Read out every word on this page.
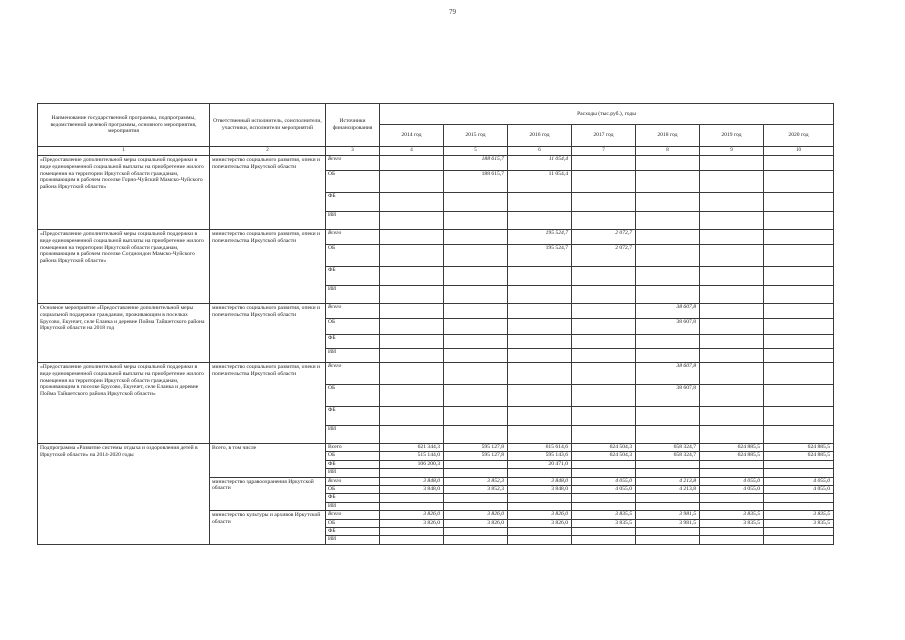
79
Наименование государственной программы, подпрограммы, ведомственной целевой программы, основного мероприятия, мероприятия	Ответственный исполнитель, соисполнители, участники, исполнители мероприятий	Источники финансирования	Расходы (тыс.руб.), годы						
			2014 год	2015 год	2016 год	2017 год	2018 год	2019 год	2020 год
1	2	3	4	5	6	7	8	9	10
«Предоставление дополнительной меры социальной поддержки в виде единовременной социальной выплаты на приобретение жилого помещения на территории Иркутской области гражданам, проживающим в рабочем поселке Горно-Чуйский Мамско-Чуйского района Иркутской области»	министерство социального развития, опеки и попечительства Иркутской области	Всего		188 615,7	11 054,4				
		ОБ		188 615,7	11 054,4				
		ФБ							
		ИИ							
«Предоставление дополнительной меры социальной поддержки в виде единовременной социальной выплаты на приобретение жилого помещения на территории Иркутской области гражданам, проживающим в рабочем поселке Согдиондон Мамско-Чуйского района Иркутской области»	министерство социального развития, опеки и попечительства Иркутской области	Всего			195 524,7	2 072,7			
		ОБ			195 524,7	2 072,7			
		ФБ							
		ИИ							
Основное мероприятие «Предоставление дополнительной меры социальной поддержки гражданам, проживающим в поселках Брусово, Екунчет, селе Еланка и деревне Пойма Тайшетского района Иркутской области на 2018 год	министерство социального развития, опеки и попечительства Иркутской области	Всего					38 607,8		
		ОБ					38 607,8		
		ФБ							
		ИИ							
«Предоставление дополнительной меры социальной поддержки в виде единовременной социальной выплаты на приобретение жилого помещения на территории Иркутской области гражданам, проживающим в поселке Брусово, Екунчет, селе Еланка и деревне Пойма Тайшетского района Иркутской области»	министерство социального развития, опеки и попечительства Иркутской области	Всего					38 607,8		
		ОБ					38 607,8		
		ФБ							
		ИИ							
Подпрограмма «Развитие системы отдыха и оздоровления детей в Иркутской области» на 2014-2020 годы	Всего, в том числе	Всего	621 344,3	595 127,8	615 614,6	624 504,3	658 324,7	624 885,5	624 885,5
		ОБ	515 144,0	595 127,8	595 143,6	624 504,3	658 324,7	624 885,5	624 885,5
		ФБ	106 200,3		20 471,0				
		ИИ							
	министерство здравоохранения Иркутской области	Всего	3 848,0	3 852,3	3 848,0	4 055,0	4 213,8	4 055,0	4 055,0
		ОБ	3 848,0	3 852,3	3 848,0	4 055,0	4 213,8	4 055,0	4 055,0
		ФБ							
		ИИ							
	министерство культуры и архивов Иркутской области	Всего	3 826,0	3 826,0	3 826,0	3 835,5	3 981,5	3 835,5	3 835,5
		ОБ	3 826,0	3 826,0	3 826,0	3 835,5	3 981,5	3 835,5	3 835,5
		ФБ							
		ИИ							
